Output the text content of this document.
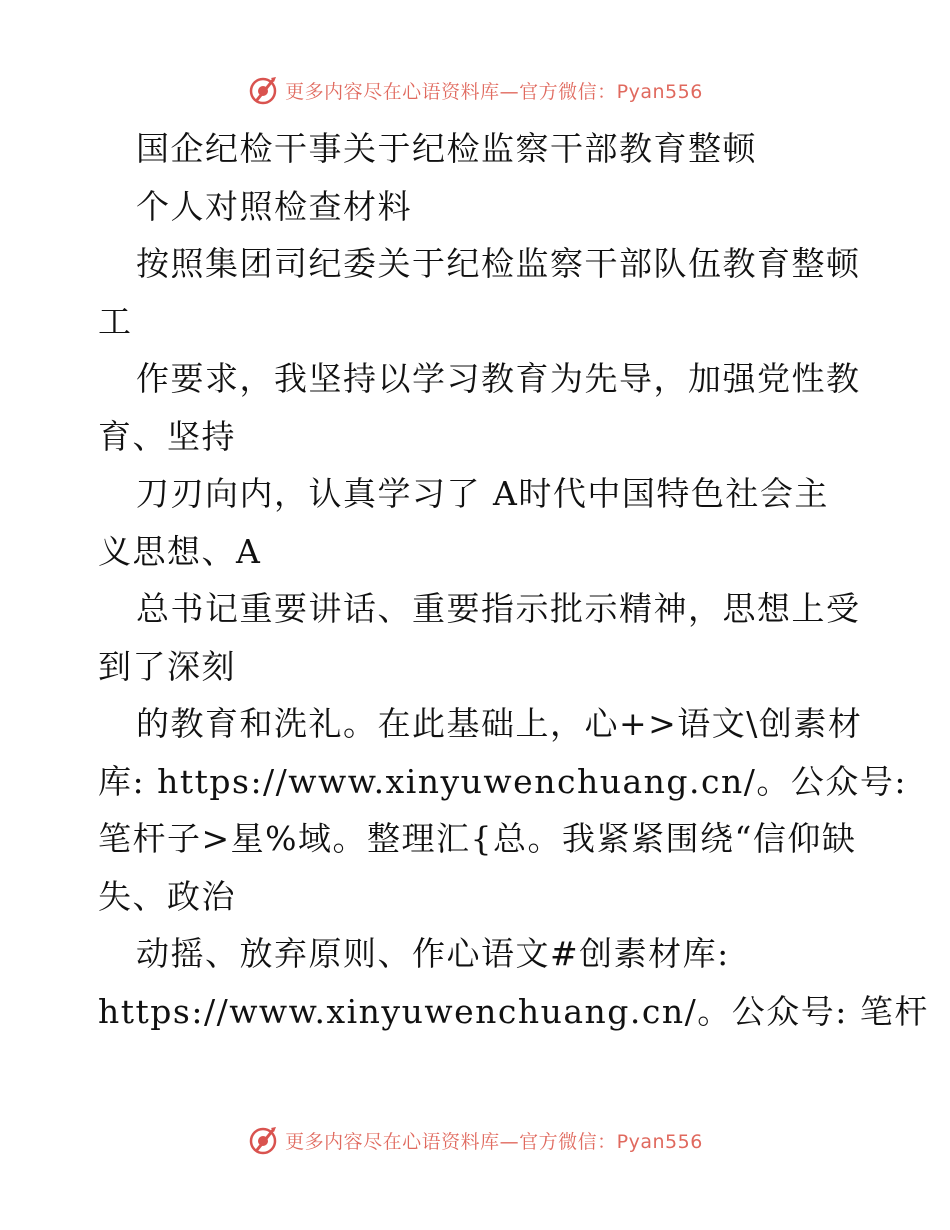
更多内容尽在心语资料库—官方微信：Pyan556
国企纪检干事关于纪检监察干部教育整顿
个人对照检查材料
按照集团司纪委关于纪检监察干部队伍教育整顿
工
作要求，我坚持以学习教育为先导，加强党性教
育、坚持
刀刃向内，认真学习了 A时代中国特色社会主
义思想、A
总书记重要讲话、重要指示批示精神，思想上受
到了深刻
的教育和洗礼。在此基础上，心+>语文\创素材
库: https://www.xinyuwenchuang.cn/。公众号:
笔杆子>星%域。整理汇{总。我紧紧围绕“信仰缺
失、政治
动摇、放弃原则、作心语文#创素材库:
https://www.xinyuwenchuang.cn/。公众号: 笔杆
更多内容尽在心语资料库—官方微信：Pyan556
